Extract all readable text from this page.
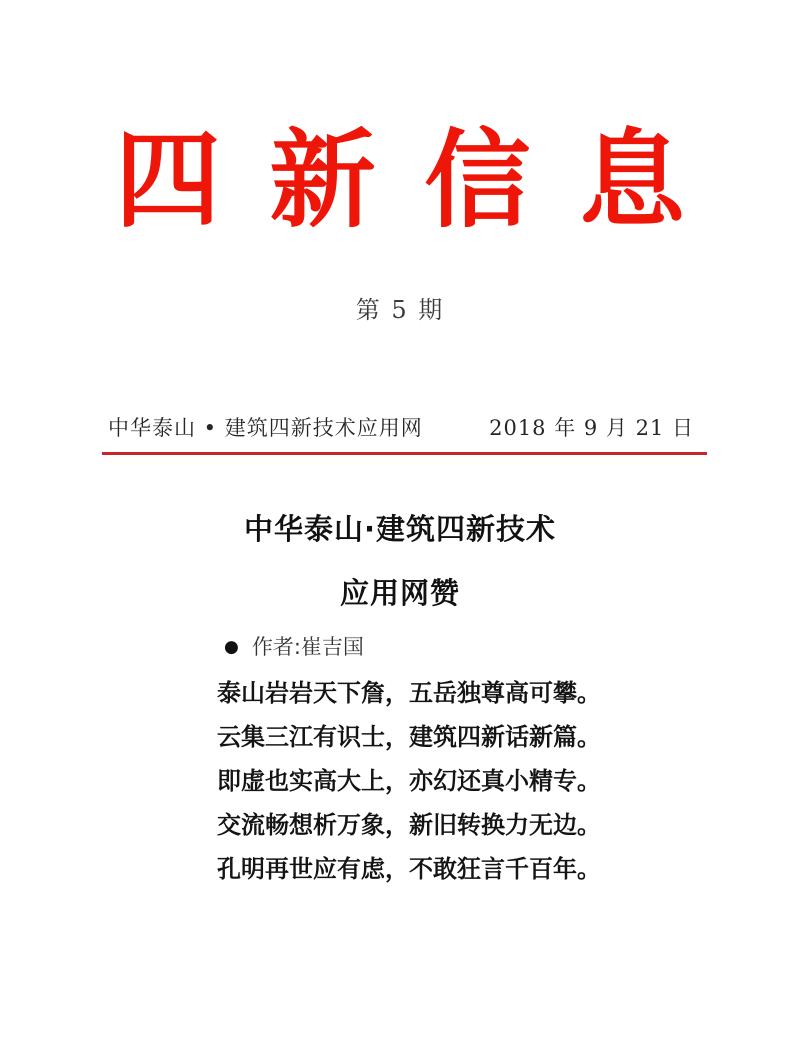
四新信息
第 5 期
中华泰山 • 建筑四新技术应用网	2018 年 9 月 21 日
中华泰山·建筑四新技术
应用网赞
● 作者:崔吉国
泰山岩岩天下詹，五岳独尊高可攀。
云集三江有识士，建筑四新话新篇。
即虚也实高大上，亦幻还真小精专。
交流畅想析万象，新旧转换力无边。
孔明再世应有虑，不敢狂言千百年。
